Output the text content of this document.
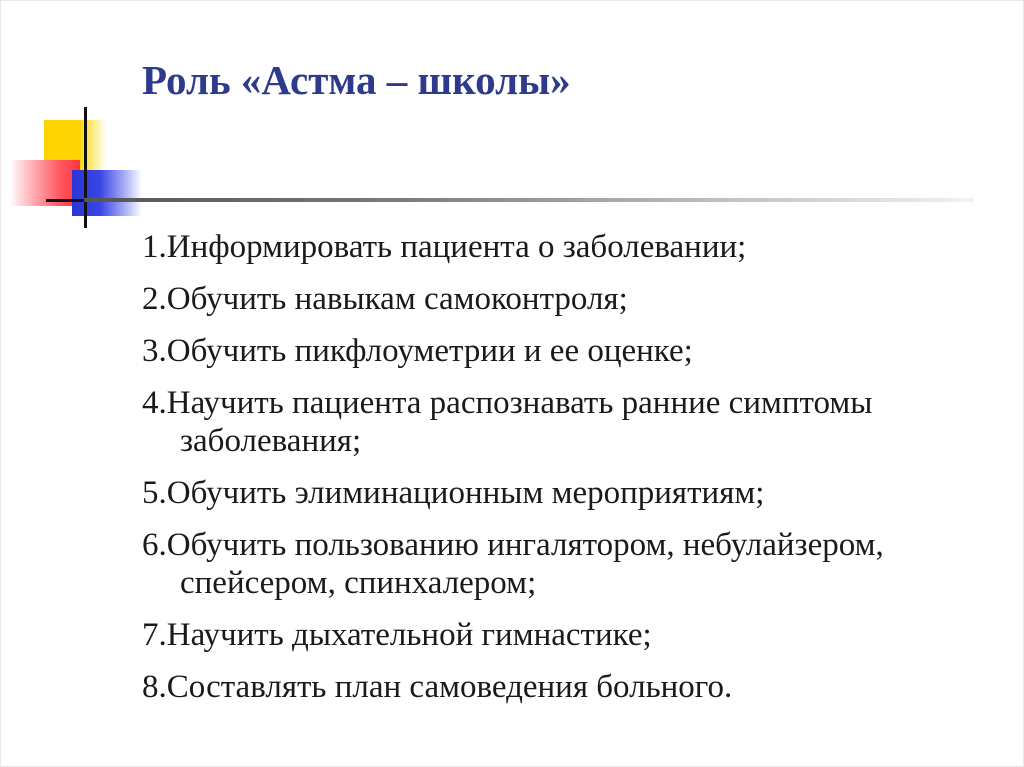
Роль «Астма – школы»
1.Информировать пациента о заболевании;
2.Обучить навыкам самоконтроля;
3.Обучить пикфлоуметрии и ее оценке;
4.Научить пациента распознавать ранние симптомы заболевания;
5.Обучить элиминационным мероприятиям;
6.Обучить пользованию ингалятором, небулайзером, спейсером, спинхалером;
7.Научить дыхательной гимнастике;
8.Составлять план самоведения больного.
